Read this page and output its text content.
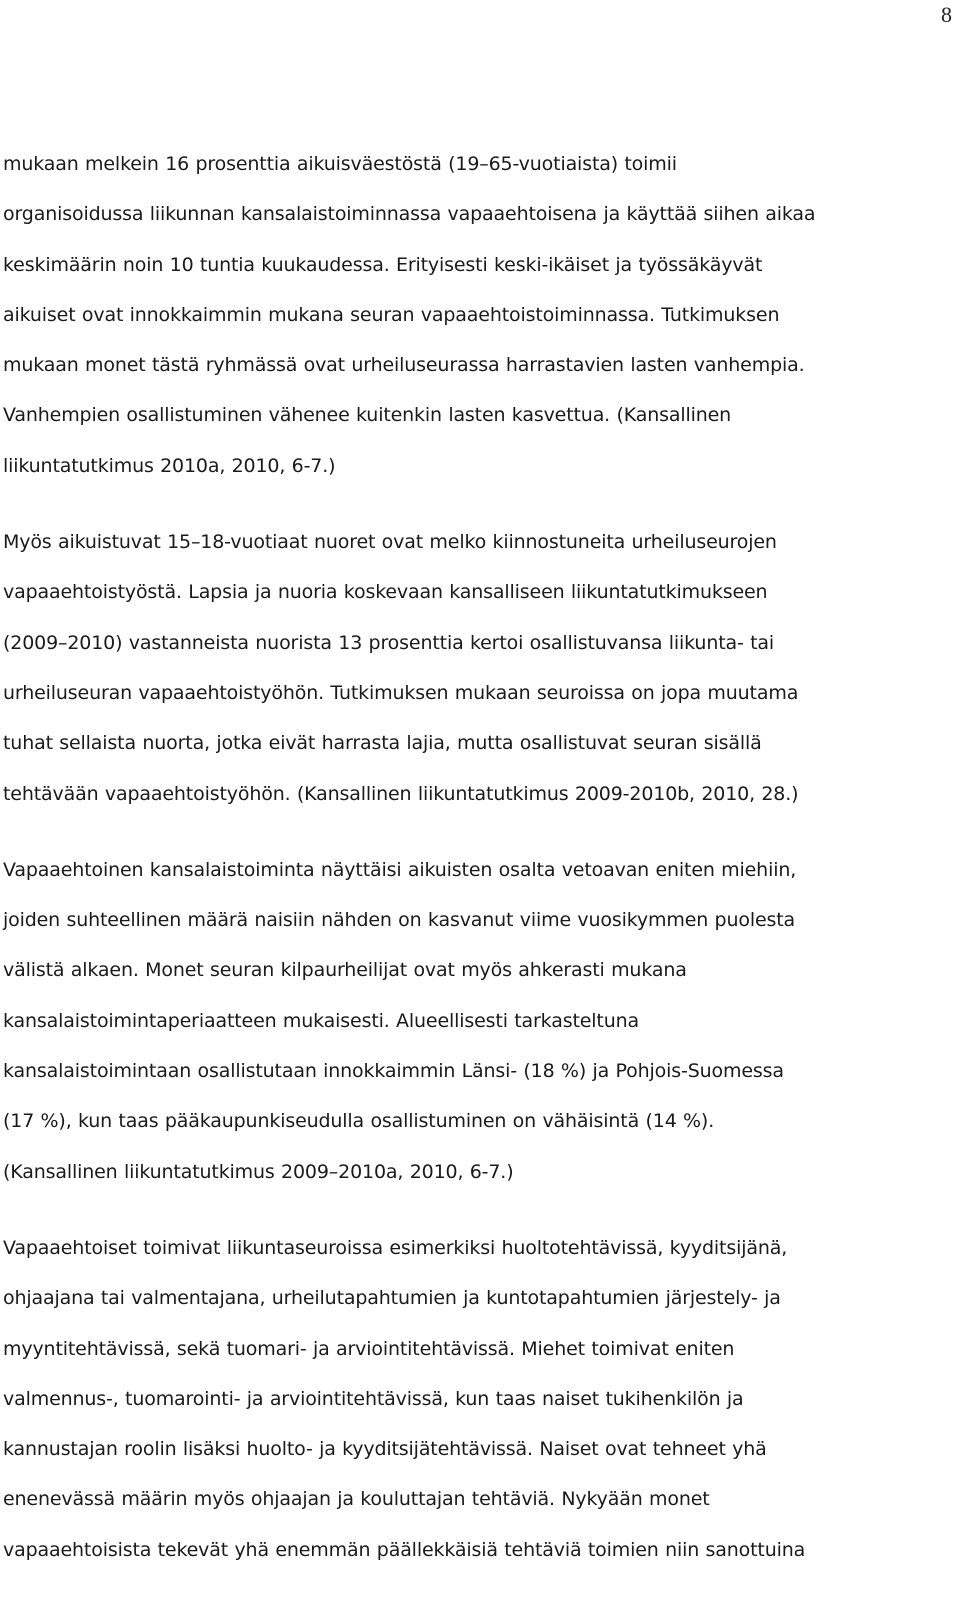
8

mukaan melkein 16 prosenttia aikuisväestöstä (19–65-vuotiaista) toimii
organisoidussa liikunnan kansalaistoiminnassa vapaaehtoisena ja käyttää siihen aikaa
keskimäärin noin 10 tuntia kuukaudessa. Erityisesti keski-ikäiset ja työssäkäyvät
aikuiset ovat innokkaimmin mukana seuran vapaaehtoistoiminnassa. Tutkimuksen
mukaan monet tästä ryhmässä ovat urheiluseurassa harrastavien lasten vanhempia.
Vanhempien osallistuminen vähenee kuitenkin lasten kasvettua. (Kansallinen
liikuntatutkimus 2010a, 2010, 6-7.)

Myös aikuistuvat 15–18-vuotiaat nuoret ovat melko kiinnostuneita urheiluseurojen
vapaaehtoistyöstä. Lapsia ja nuoria koskevaan kansalliseen liikuntatutkimukseen
(2009–2010) vastanneista nuorista 13 prosenttia kertoi osallistuvansa liikunta- tai
urheiluseuran vapaaehtoistyöhön. Tutkimuksen mukaan seuroissa on jopa muutama
tuhat sellaista nuorta, jotka eivät harrasta lajia, mutta osallistuvat seuran sisällä
tehtävään vapaaehtoistyöhön. (Kansallinen liikuntatutkimus 2009-2010b, 2010, 28.)

Vapaaehtoinen kansalaistoiminta näyttäisi aikuisten osalta vetoavan eniten miehiin,
joiden suhteellinen määrä naisiin nähden on kasvanut viime vuosikymmen puolesta
välistä alkaen. Monet seuran kilpaurheilijat ovat myös ahkerasti mukana
kansalaistoimintaperiaatteen mukaisesti. Alueellisesti tarkasteltuna
kansalaistoimintaan osallistutaan innokkaimmin Länsi- (18 %) ja Pohjois-Suomessa
(17 %), kun taas pääkaupunkiseudulla osallistuminen on vähäisintä (14 %).
(Kansallinen liikuntatutkimus 2009–2010a, 2010, 6-7.)

Vapaaehtoiset toimivat liikuntaseuroissa esimerkiksi huoltotehtävissä, kyyditsijänä,
ohjaajana tai valmentajana, urheilutapahtumien ja kuntotapahtumien järjestely- ja
myyntitehtävissä, sekä tuomari- ja arviointitehtävissä. Miehet toimivat eniten
valmennus-, tuomarointi- ja arviointitehtävissä, kun taas naiset tukihenkilön ja
kannustajan roolin lisäksi huolto- ja kyyditsijätehtävissä. Naiset ovat tehneet yhä
enenevässä määrin myös ohjaajan ja kouluttajan tehtäviä. Nykyään monet
vapaaehtoisista tekevät yhä enemmän päällekkäisiä tehtäviä toimien niin sanottuina
